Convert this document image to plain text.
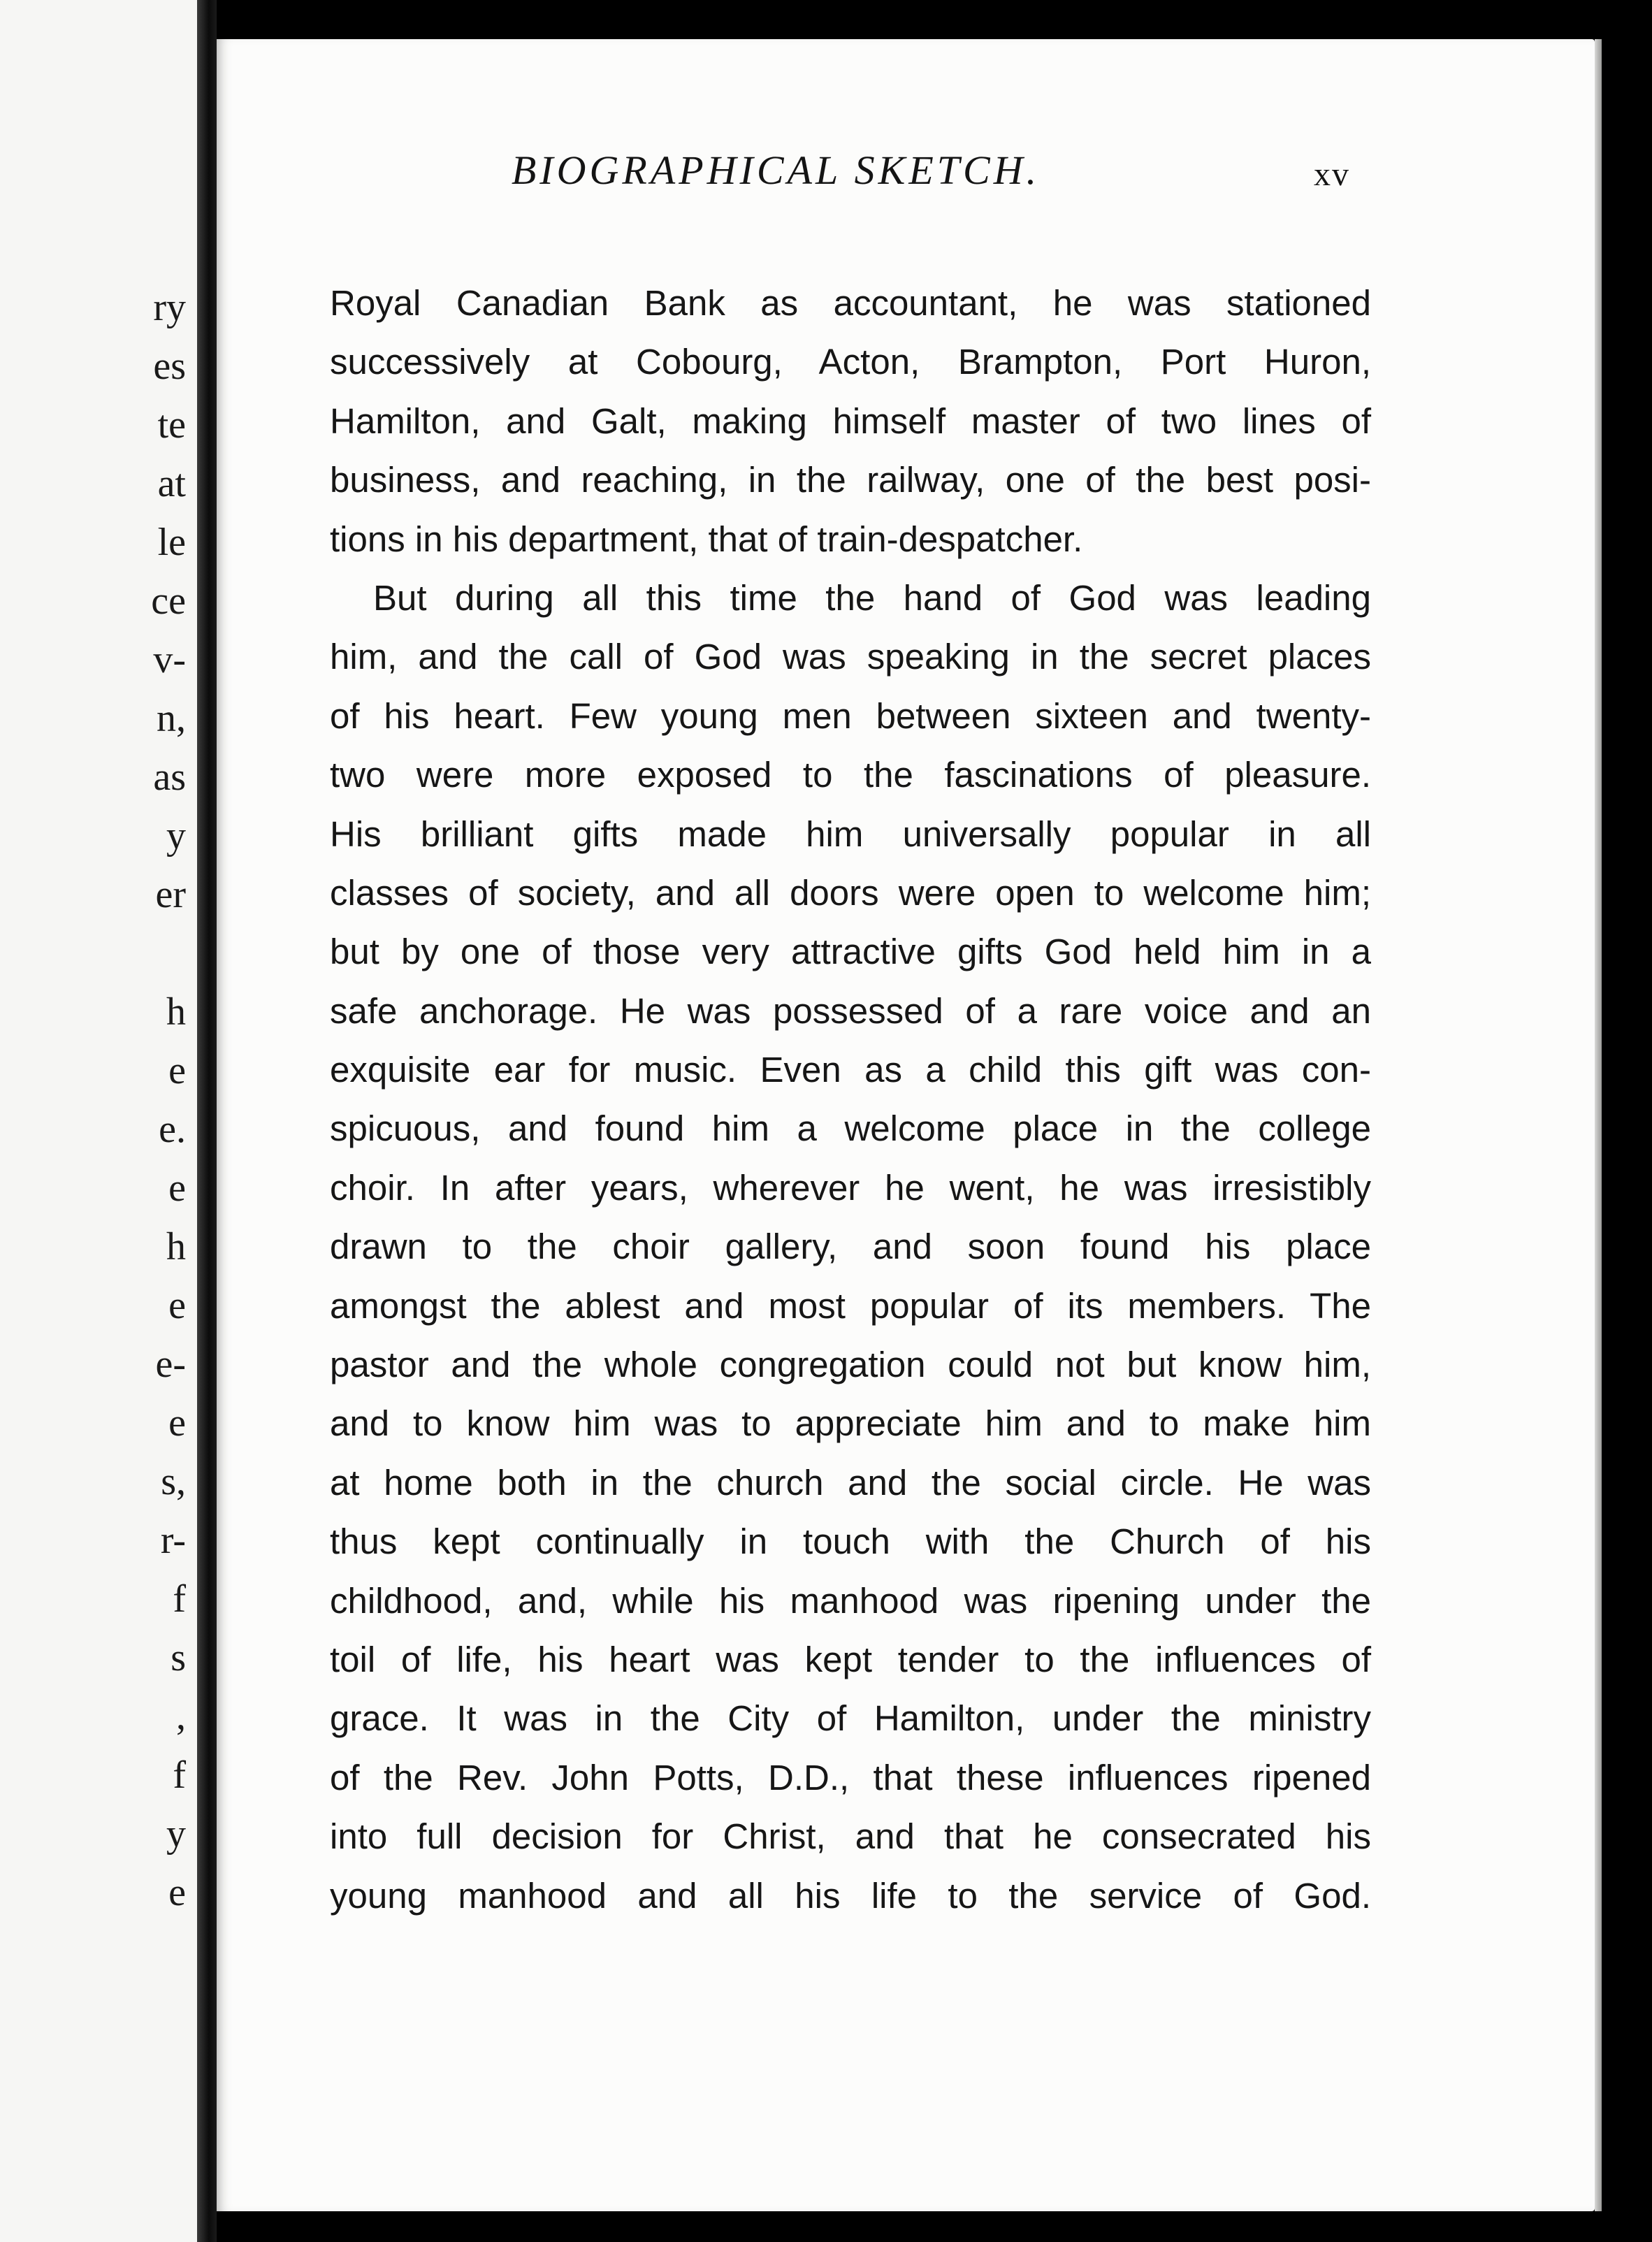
ry
es
te
at
le
ce
v-
n,
as
y
er
h
e
e.
e
h
e
e-
e
s,
r-
f
s
,
f
y
e
BIOGRAPHICAL SKETCH.	xv
Royal Canadian Bank as accountant, he was stationed
successively at Cobourg, Acton, Brampton, Port Huron,
Hamilton, and Galt, making himself master of two lines of
business, and reaching, in the railway, one of the best posi-
tions in his department, that of train-despatcher.
But during all this time the hand of God was leading
him, and the call of God was speaking in the secret places
of his heart. Few young men between sixteen and twenty-
two were more exposed to the fascinations of pleasure.
His brilliant gifts made him universally popular in all
classes of society, and all doors were open to welcome him;
but by one of those very attractive gifts God held him in a
safe anchorage. He was possessed of a rare voice and an
exquisite ear for music. Even as a child this gift was con-
spicuous, and found him a welcome place in the college
choir. In after years, wherever he went, he was irresistibly
drawn to the choir gallery, and soon found his place
amongst the ablest and most popular of its members. The
pastor and the whole congregation could not but know him,
and to know him was to appreciate him and to make him
at home both in the church and the social circle. He was
thus kept continually in touch with the Church of his
childhood, and, while his manhood was ripening under the
toil of life, his heart was kept tender to the influences of
grace. It was in the City of Hamilton, under the ministry
of the Rev. John Potts, D.D., that these influences ripened
into full decision for Christ, and that he consecrated his
young manhood and all his life to the service of God.
